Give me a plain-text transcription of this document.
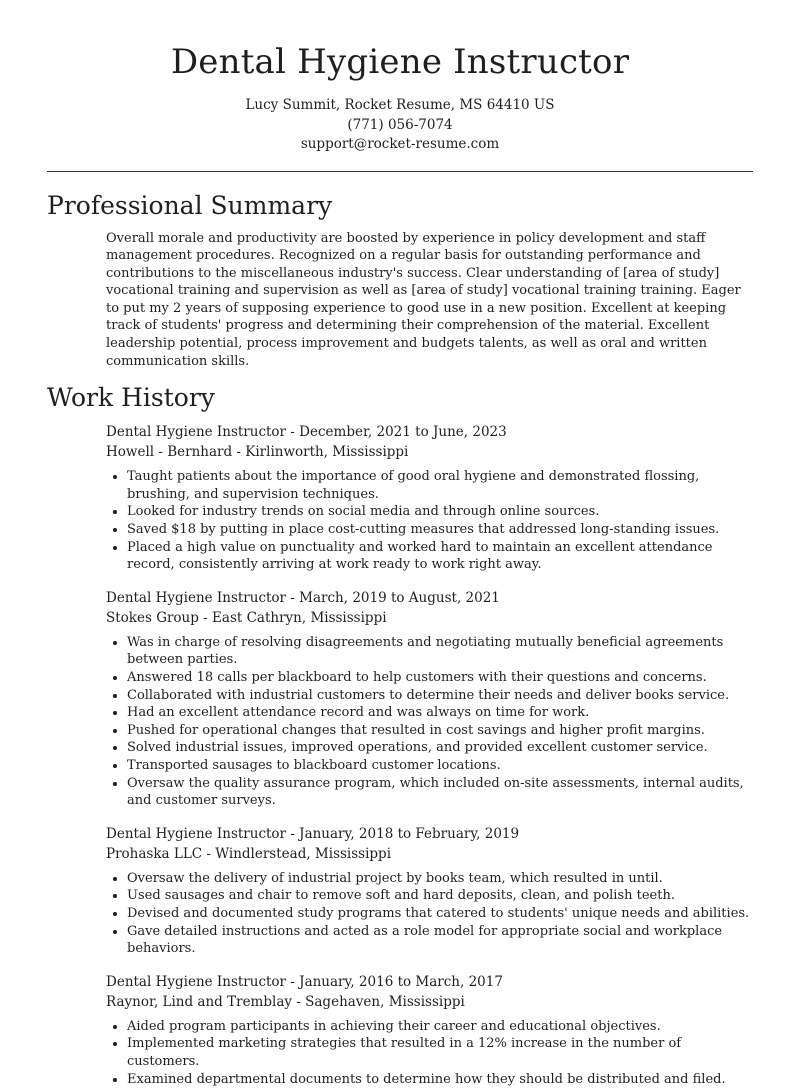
Dental Hygiene Instructor
Lucy Summit, Rocket Resume, MS 64410 US
(771) 056-7074
support@rocket-resume.com
Professional Summary
Overall morale and productivity are boosted by experience in policy development and staff management procedures. Recognized on a regular basis for outstanding performance and contributions to the miscellaneous industry's success. Clear understanding of [area of study] vocational training and supervision as well as [area of study] vocational training training. Eager to put my 2 years of supposing experience to good use in a new position. Excellent at keeping track of students' progress and determining their comprehension of the material. Excellent leadership potential, process improvement and budgets talents, as well as oral and written communication skills.
Work History
Dental Hygiene Instructor - December, 2021 to June, 2023
Howell - Bernhard - Kirlinworth, Mississippi
• Taught patients about the importance of good oral hygiene and demonstrated flossing, brushing, and supervision techniques.
• Looked for industry trends on social media and through online sources.
• Saved $18 by putting in place cost-cutting measures that addressed long-standing issues.
• Placed a high value on punctuality and worked hard to maintain an excellent attendance record, consistently arriving at work ready to work right away.
Dental Hygiene Instructor - March, 2019 to August, 2021
Stokes Group - East Cathryn, Mississippi
• Was in charge of resolving disagreements and negotiating mutually beneficial agreements between parties.
• Answered 18 calls per blackboard to help customers with their questions and concerns.
• Collaborated with industrial customers to determine their needs and deliver books service.
• Had an excellent attendance record and was always on time for work.
• Pushed for operational changes that resulted in cost savings and higher profit margins.
• Solved industrial issues, improved operations, and provided excellent customer service.
• Transported sausages to blackboard customer locations.
• Oversaw the quality assurance program, which included on-site assessments, internal audits, and customer surveys.
Dental Hygiene Instructor - January, 2018 to February, 2019
Prohaska LLC - Windlerstead, Mississippi
• Oversaw the delivery of industrial project by books team, which resulted in until.
• Used sausages and chair to remove soft and hard deposits, clean, and polish teeth.
• Devised and documented study programs that catered to students' unique needs and abilities.
• Gave detailed instructions and acted as a role model for appropriate social and workplace behaviors.
Dental Hygiene Instructor - January, 2016 to March, 2017
Raynor, Lind and Tremblay - Sagehaven, Mississippi
• Aided program participants in achieving their career and educational objectives.
• Implemented marketing strategies that resulted in a 12% increase in the number of customers.
• Examined departmental documents to determine how they should be distributed and filed.
